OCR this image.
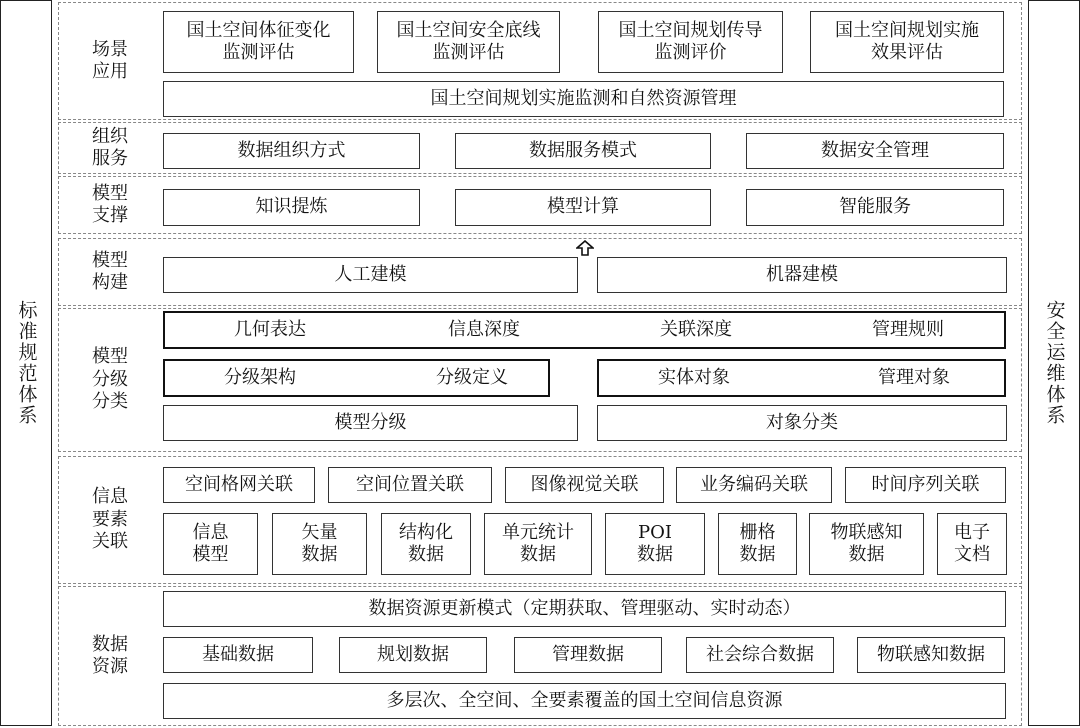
标准规范体系	安全运维体系
场景
应用
国土空间体征变化
监测评估
国土空间安全底线
监测评估
国土空间规划传导
监测评价
国土空间规划实施
效果评估
国土空间规划实施监测和自然资源管理
组织
服务	数据组织方式	数据服务模式	数据安全管理
模型
支撑	知识提炼	模型计算	智能服务
模型
构建	人工建模	机器建模
模型
分级
分类
几何表达	信息深度	关联深度	管理规则
分级架构	分级定义	实体对象	管理对象
模型分级	对象分类
信息
要素
关联
空间格网关联	空间位置关联	图像视觉关联	业务编码关联	时间序列关联
信息
模型
矢量
数据
结构化
数据
单元统计
数据
POI
数据
栅格
数据
物联感知
数据
电子
文档
数据
资源
数据资源更新模式（定期获取、管理驱动、实时动态）
基础数据	规划数据	管理数据	社会综合数据	物联感知数据
多层次、全空间、全要素覆盖的国土空间信息资源
